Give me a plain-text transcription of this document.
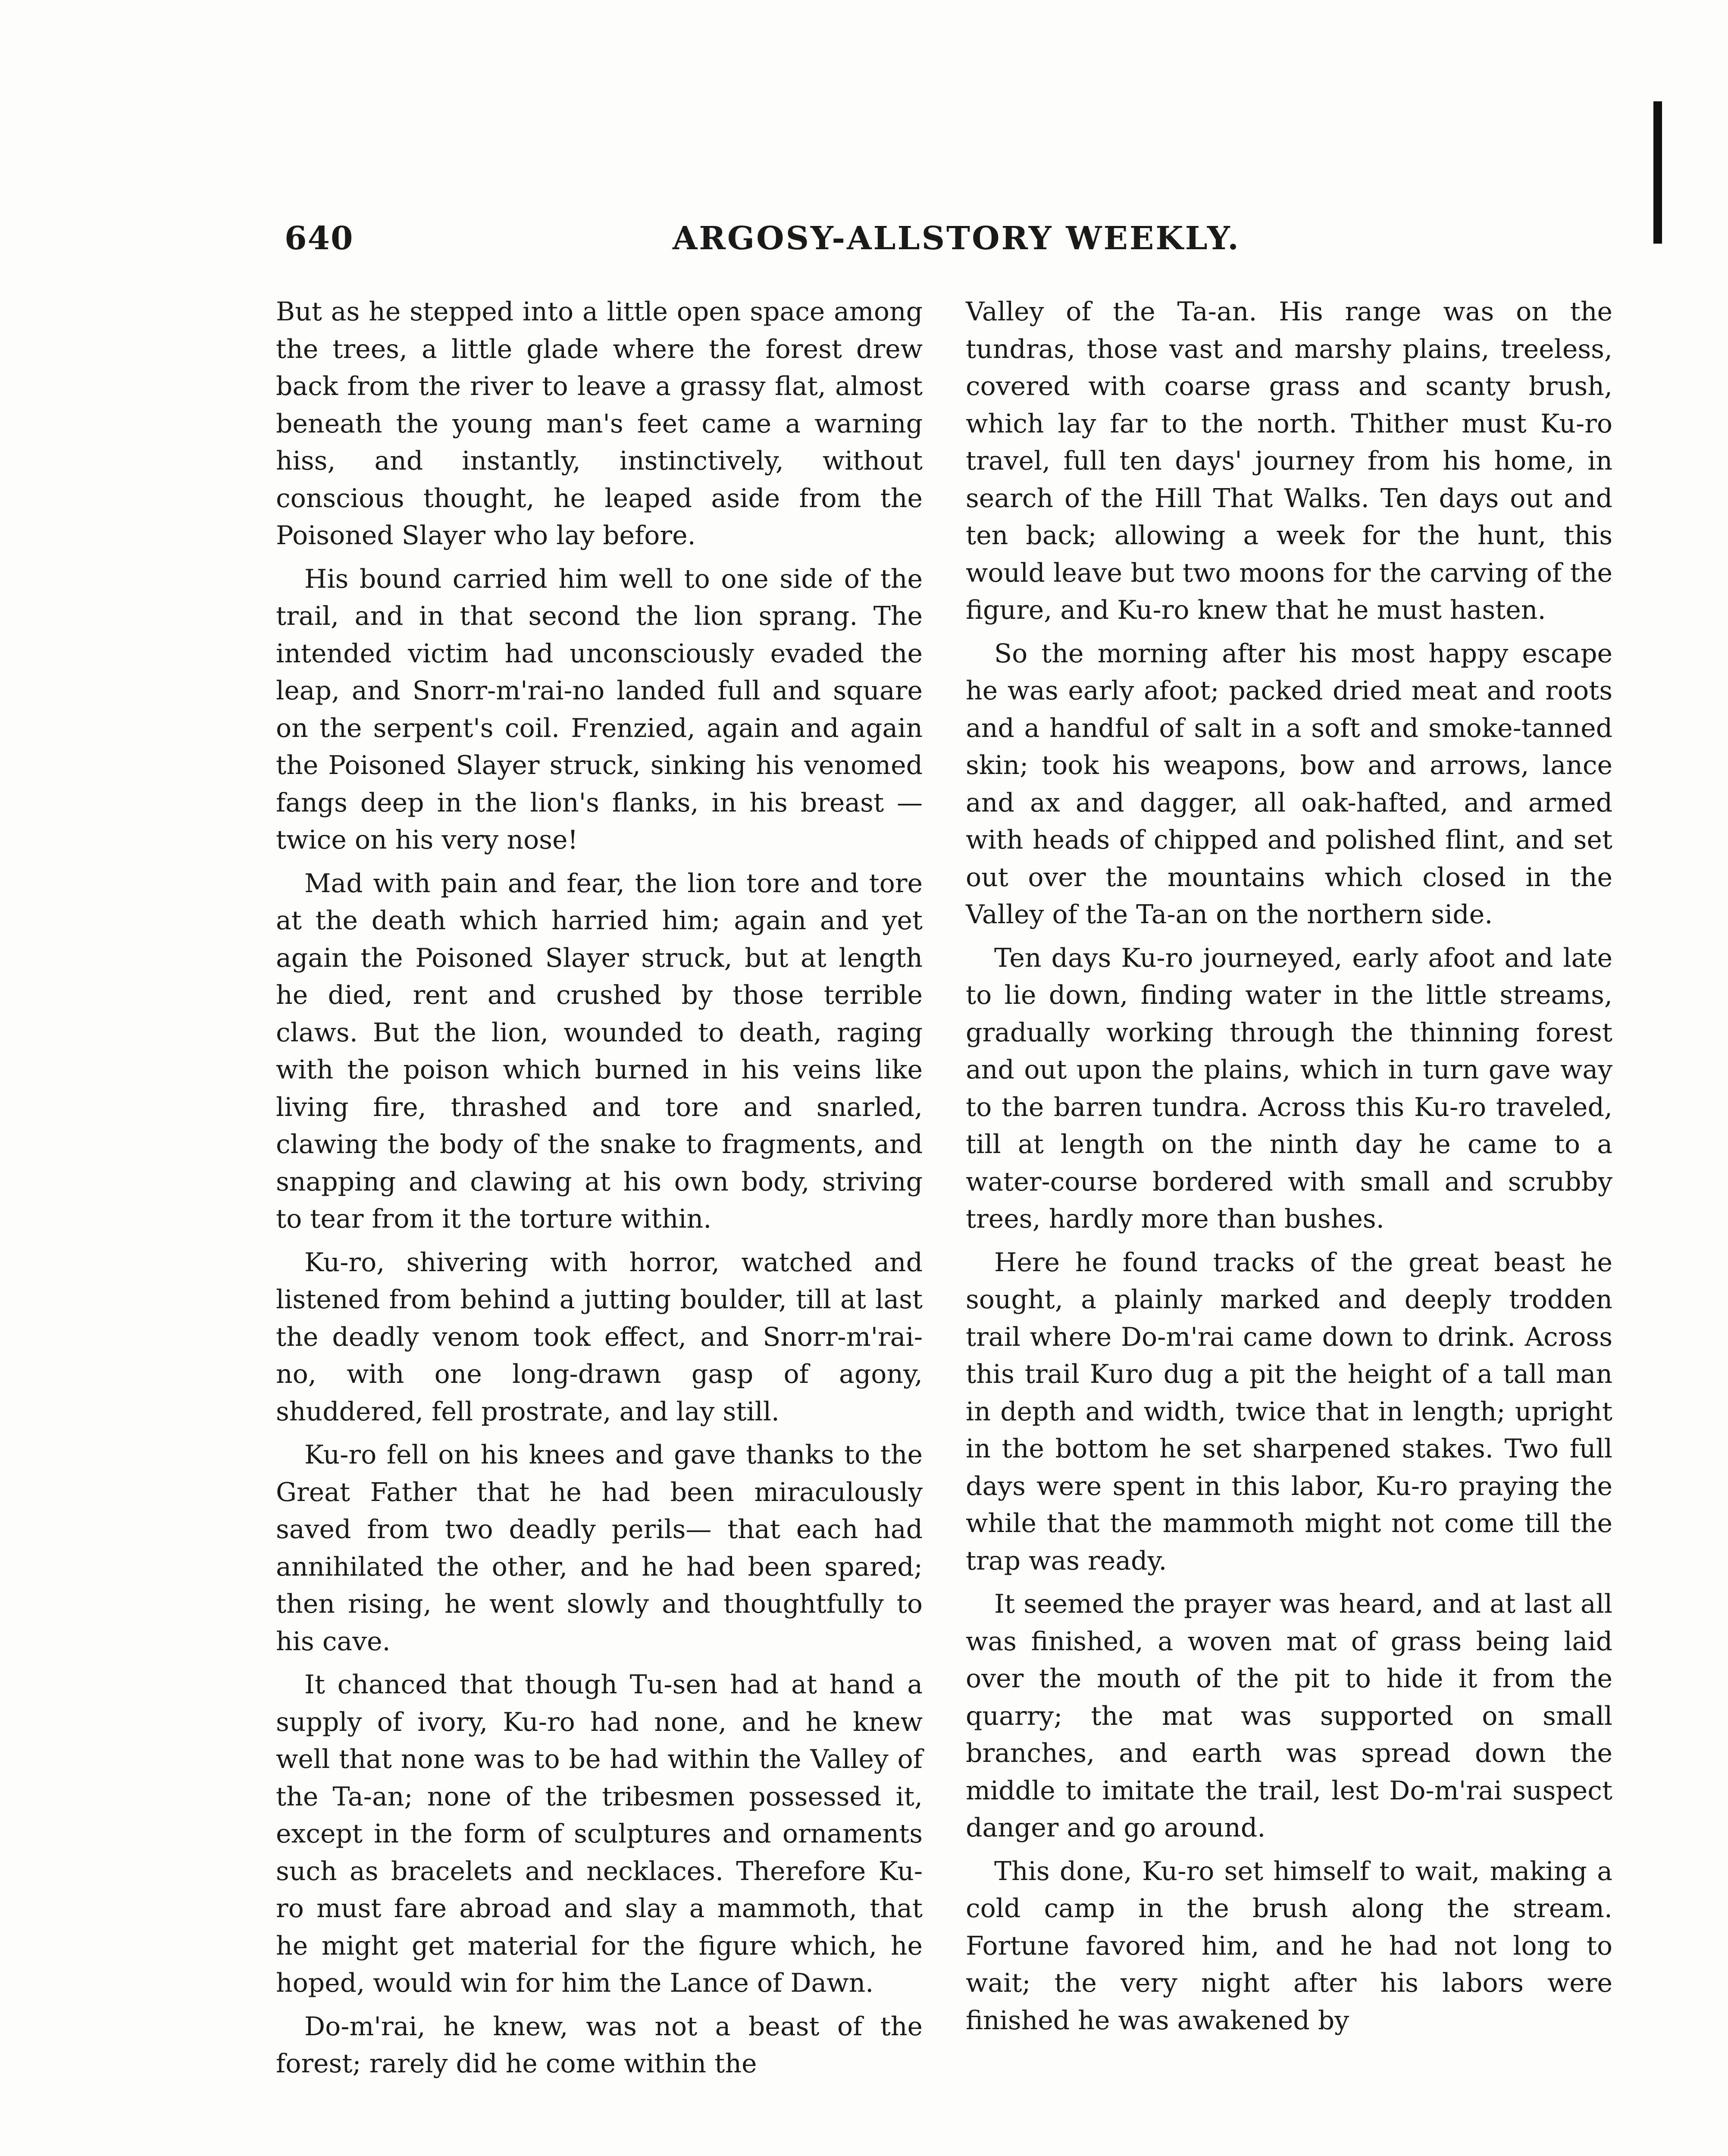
640	ARGOSY-ALLSTORY WEEKLY.

But as he stepped into a little open space among the trees, a little glade where the forest drew back from the river to leave a grassy flat, almost beneath the young man's feet came a warning hiss, and instantly, instinctively, without conscious thought, he leaped aside from the Poisoned Slayer who lay before.

His bound carried him well to one side of the trail, and in that second the lion sprang. The intended victim had unconsciously evaded the leap, and Snorr-m'rai-no landed full and square on the serpent's coil. Frenzied, again and again the Poisoned Slayer struck, sinking his venomed fangs deep in the lion's flanks, in his breast —twice on his very nose!

Mad with pain and fear, the lion tore and tore at the death which harried him; again and yet again the Poisoned Slayer struck, but at length he died, rent and crushed by those terrible claws. But the lion, wounded to death, raging with the poison which burned in his veins like living fire, thrashed and tore and snarled, clawing the body of the snake to fragments, and snapping and clawing at his own body, striving to tear from it the torture within.

Ku-ro, shivering with horror, watched and listened from behind a jutting boulder, till at last the deadly venom took effect, and Snorr-m'rai-no, with one long-drawn gasp of agony, shuddered, fell prostrate, and lay still.

Ku-ro fell on his knees and gave thanks to the Great Father that he had been miraculously saved from two deadly perils— that each had annihilated the other, and he had been spared; then rising, he went slowly and thoughtfully to his cave.

It chanced that though Tu-sen had at hand a supply of ivory, Ku-ro had none, and he knew well that none was to be had within the Valley of the Ta-an; none of the tribesmen possessed it, except in the form of sculptures and ornaments such as bracelets and necklaces. Therefore Ku-ro must fare abroad and slay a mammoth, that he might get material for the figure which, he hoped, would win for him the Lance of Dawn.

Do-m'rai, he knew, was not a beast of the forest; rarely did he come within the

Valley of the Ta-an. His range was on the tundras, those vast and marshy plains, treeless, covered with coarse grass and scanty brush, which lay far to the north. Thither must Ku-ro travel, full ten days' journey from his home, in search of the Hill That Walks. Ten days out and ten back; allowing a week for the hunt, this would leave but two moons for the carving of the figure, and Ku-ro knew that he must hasten.

So the morning after his most happy escape he was early afoot; packed dried meat and roots and a handful of salt in a soft and smoke-tanned skin; took his weapons, bow and arrows, lance and ax and dagger, all oak-hafted, and armed with heads of chipped and polished flint, and set out over the mountains which closed in the Valley of the Ta-an on the northern side.

Ten days Ku-ro journeyed, early afoot and late to lie down, finding water in the little streams, gradually working through the thinning forest and out upon the plains, which in turn gave way to the barren tundra. Across this Ku-ro traveled, till at length on the ninth day he came to a water-course bordered with small and scrubby trees, hardly more than bushes.

Here he found tracks of the great beast he sought, a plainly marked and deeply trodden trail where Do-m'rai came down to drink. Across this trail Kuro dug a pit the height of a tall man in depth and width, twice that in length; upright in the bottom he set sharpened stakes. Two full days were spent in this labor, Ku-ro praying the while that the mammoth might not come till the trap was ready.

It seemed the prayer was heard, and at last all was finished, a woven mat of grass being laid over the mouth of the pit to hide it from the quarry; the mat was supported on small branches, and earth was spread down the middle to imitate the trail, lest Do-m'rai suspect danger and go around.

This done, Ku-ro set himself to wait, making a cold camp in the brush along the stream. Fortune favored him, and he had not long to wait; the very night after his labors were finished he was awakened by
